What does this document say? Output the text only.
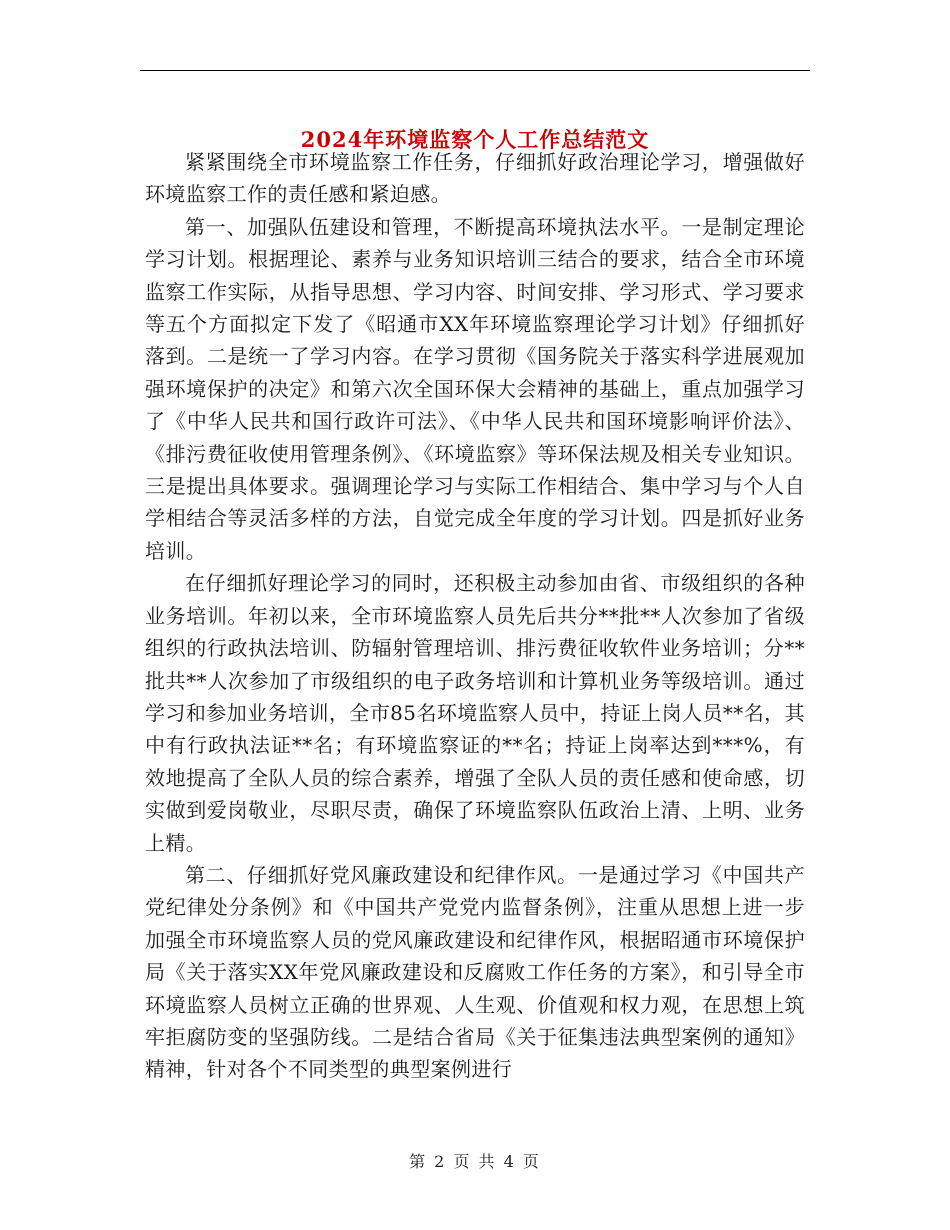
2024年环境监察个人工作总结范文

紧紧围绕全市环境监察工作任务，仔细抓好政治理论学习，增强做好环境监察工作的责任感和紧迫感。

第一、加强队伍建设和管理，不断提高环境执法水平。一是制定理论学习计划。根据理论、素养与业务知识培训三结合的要求，结合全市环境监察工作实际，从指导思想、学习内容、时间安排、学习形式、学习要求等五个方面拟定下发了《昭通市XX年环境监察理论学习计划》仔细抓好落到。二是统一了学习内容。在学习贯彻《国务院关于落实科学进展观加强环境保护的决定》和第六次全国环保大会精神的基础上，重点加强学习了《中华人民共和国行政许可法》、《中华人民共和国环境影响评价法》、《排污费征收使用管理条例》、《环境监察》等环保法规及相关专业知识。三是提出具体要求。强调理论学习与实际工作相结合、集中学习与个人自学相结合等灵活多样的方法，自觉完成全年度的学习计划。四是抓好业务培训。

在仔细抓好理论学习的同时，还积极主动参加由省、市级组织的各种业务培训。年初以来，全市环境监察人员先后共分**批**人次参加了省级组织的行政执法培训、防辐射管理培训、排污费征收软件业务培训；分**批共**人次参加了市级组织的电子政务培训和计算机业务等级培训。通过学习和参加业务培训，全市85名环境监察人员中，持证上岗人员**名，其中有行政执法证**名；有环境监察证的**名；持证上岗率达到***%，有效地提高了全队人员的综合素养，增强了全队人员的责任感和使命感，切实做到爱岗敬业，尽职尽责，确保了环境监察队伍政治上清、上明、业务上精。

第二、仔细抓好党风廉政建设和纪律作风。一是通过学习《中国共产党纪律处分条例》和《中国共产党党内监督条例》，注重从思想上进一步加强全市环境监察人员的党风廉政建设和纪律作风，根据昭通市环境保护局《关于落实XX年党风廉政建设和反腐败工作任务的方案》，和引导全市环境监察人员树立正确的世界观、人生观、价值观和权力观，在思想上筑牢拒腐防变的坚强防线。二是结合省局《关于征集违法典型案例的通知》精神，针对各个不同类型的典型案例进行

第 2 页 共 4 页
